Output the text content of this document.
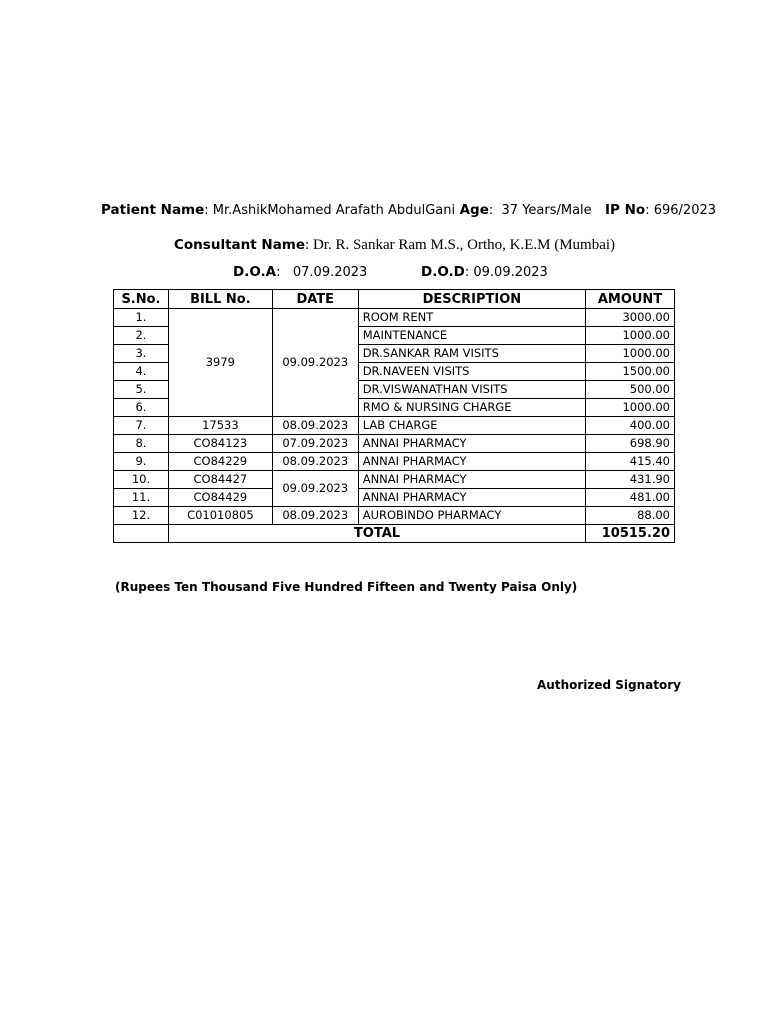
Patient Name: Mr.AshikMohamed Arafath AbdulGani Age:  37 Years/Male IP No: 696/2023
Consultant Name: Dr. R. Sankar Ram M.S., Ortho, K.E.M (Mumbai)
D.O.A:   07.09.2023	D.O.D: 09.09.2023
S.No.	BILL No.	DATE	DESCRIPTION	AMOUNT
1.	3979	09.09.2023	ROOM RENT	3000.00
2.			MAINTENANCE	1000.00
3.			DR.SANKAR RAM VISITS	1000.00
4.			DR.NAVEEN VISITS	1500.00
5.			DR.VISWANATHAN VISITS	500.00
6.			RMO & NURSING CHARGE	1000.00
7.	17533	08.09.2023	LAB CHARGE	400.00
8.	CO84123	07.09.2023	ANNAI PHARMACY	698.90
9.	CO84229	08.09.2023	ANNAI PHARMACY	415.40
10.	CO84427	09.09.2023	ANNAI PHARMACY	431.90
11.	CO84429		ANNAI PHARMACY	481.00
12.	C01010805	08.09.2023	AUROBINDO PHARMACY	88.00
	TOTAL			10515.20
(Rupees Ten Thousand Five Hundred Fifteen and Twenty Paisa Only)
Authorized Signatory
